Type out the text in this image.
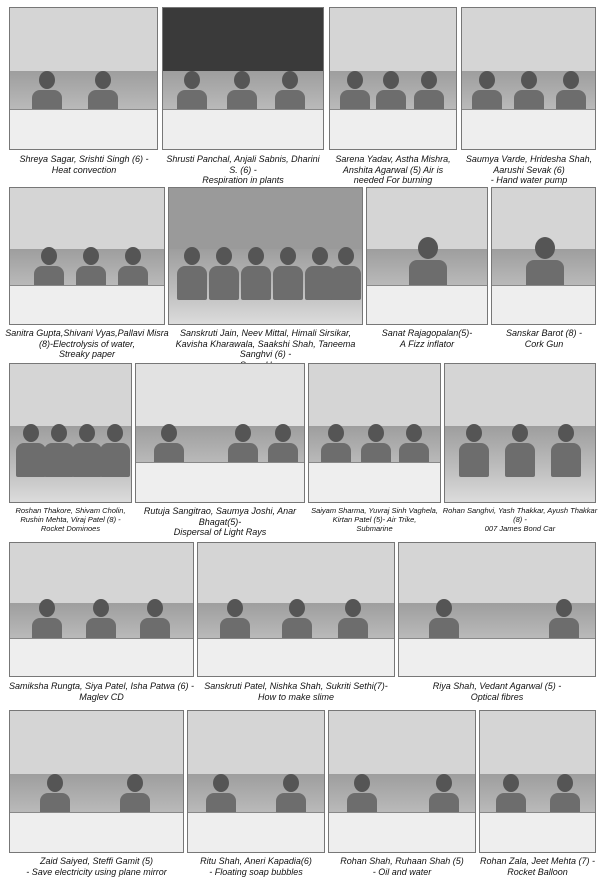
Shreya Sagar, Srishti Singh (6) -
Heat convection

Shrusti Panchal, Anjali Sabnis, Dharini S. (6) -
Respiration in plants

Sarena Yadav, Astha Mishra, Anshita Agarwal (5) Air is
needed For burning

Saumya Varde, Hridesha Shah, Aarushi Sevak (6)
- Hand water pump

Sanitra Gupta,Shivani Vyas,Pallavi Misra (8)-Electrolysis of water,
Streaky paper

Sanskruti Jain, Neev Mittal, Himali Sirsikar, Kavisha Kharawala, Saakshi Shah, Taneema Sanghvi (6) -

Sanat Rajagopalan(5)-
A Fizz inflator

Sanskar Barot (8) -
Cork Gun

Roshan Thakore, Shivam Cholin, Rushin Mehta, Viraj Patel (8) -
Rocket Dominoes

Rutuja Sangitrao, Saumya Joshi, Anar Bhagat(5)-
Dispersal of Light Rays

Saiyam Sharma, Yuvraj Sinh Vaghela, Kirtan Patel (5)- Air Trike,
Submarine

Rohan Sanghvi, Yash Thakkar, Ayush Thakkar (8) -
007 James Bond Car

Samiksha Rungta, Siya Patel, Isha Patwa (6) -
Maglev CD

Sanskruti Patel, Nishka Shah, Sukriti Sethi(7)-
How to make slime

Riya Shah, Vedant Agarwal (5) -
Optical fibres

Zaid Saiyed, Steffi Gamit (5)
- Save electricity using plane mirror

Ritu Shah, Aneri Kapadia(6)
- Floating soap bubbles

Rohan Shah, Ruhaan Shah (5)
- Oil and water

Rohan Zala, Jeet Mehta (7) -
Rocket Balloon
